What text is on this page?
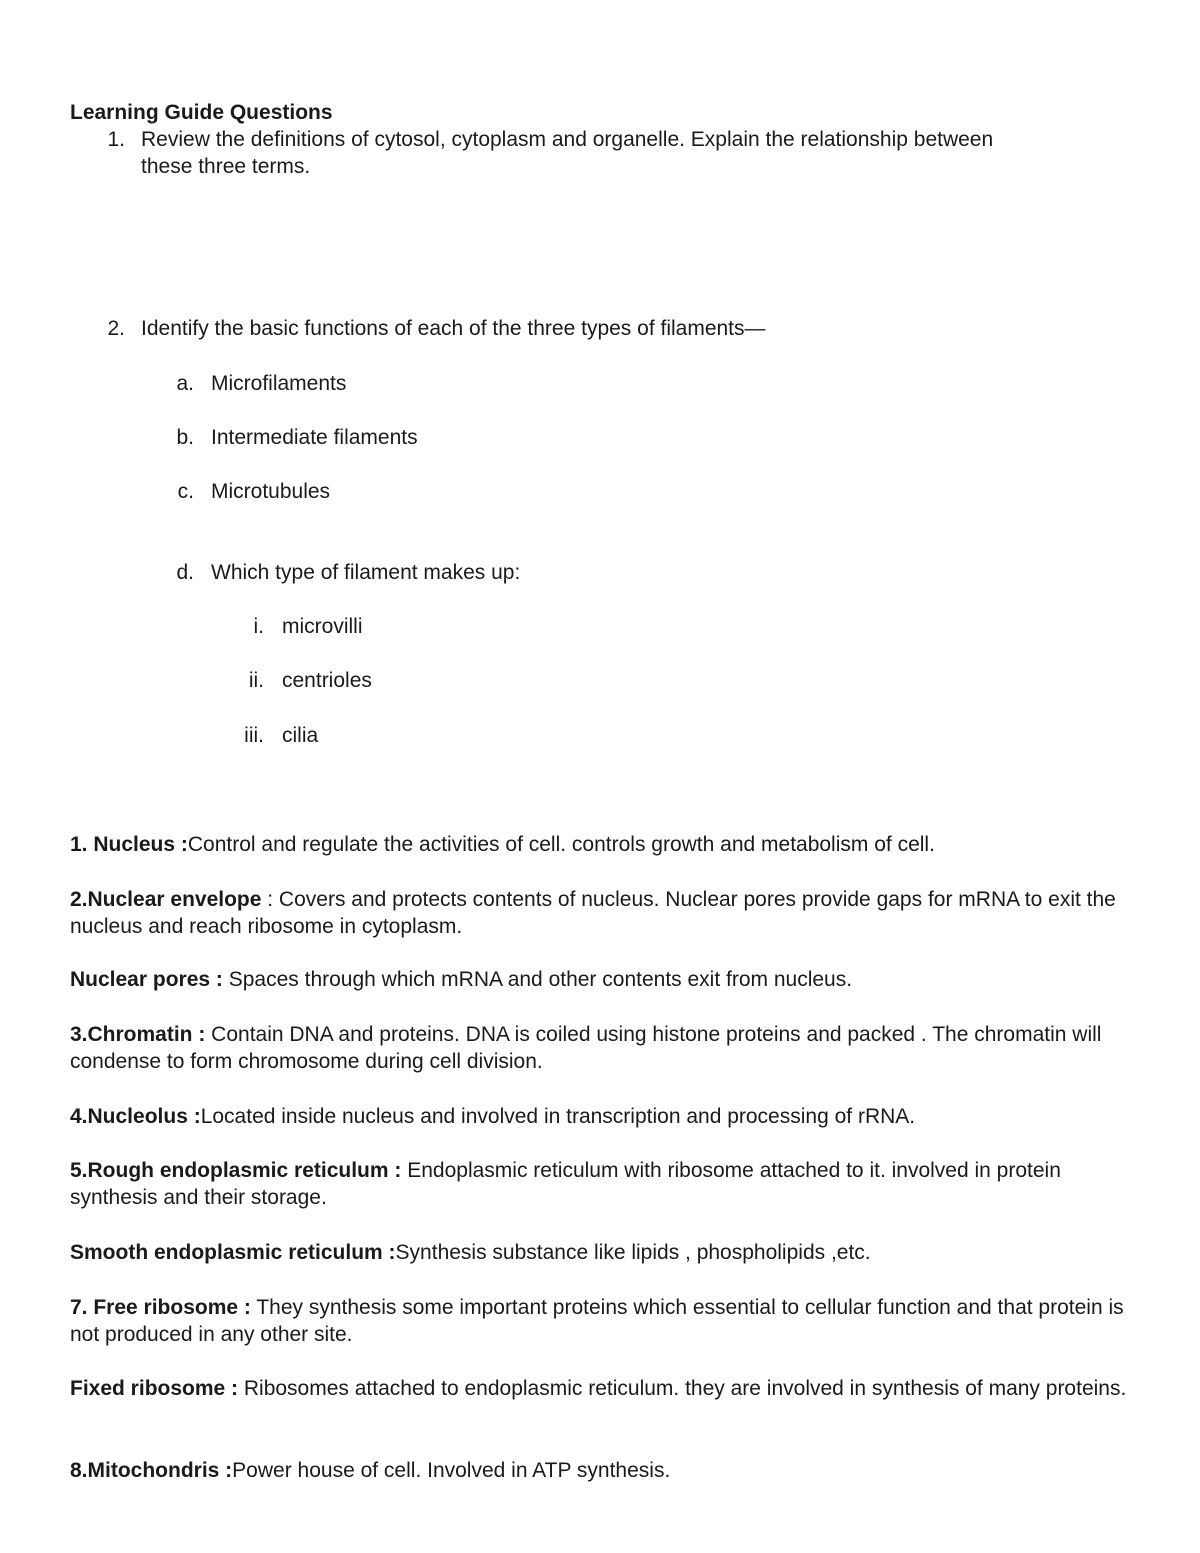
Learning Guide Questions
1. Review the definitions of cytosol, cytoplasm and organelle. Explain the relationship between
these three terms.
2. Identify the basic functions of each of the three types of filaments—
a. Microfilaments
b. Intermediate filaments
c. Microtubules
d. Which type of filament makes up:
i. microvilli
ii. centrioles
iii. cilia
1. Nucleus :Control and regulate the activities of cell. controls growth and metabolism of cell.
2.Nuclear envelope : Covers and protects contents of nucleus. Nuclear pores provide gaps for mRNA to exit the nucleus and reach ribosome in cytoplasm.
Nuclear pores : Spaces through which mRNA and other contents exit from nucleus.
3.Chromatin : Contain DNA and proteins. DNA is coiled using histone proteins and packed . The chromatin will condense to form chromosome during cell division.
4.Nucleolus :Located inside nucleus and involved in transcription and processing of rRNA.
5.Rough endoplasmic reticulum : Endoplasmic reticulum with ribosome attached to it. involved in protein synthesis and their storage.
Smooth endoplasmic reticulum :Synthesis substance like lipids , phospholipids ,etc.
7. Free ribosome : They synthesis some important proteins which essential to cellular function and that protein is not produced in any other site.
Fixed ribosome : Ribosomes attached to endoplasmic reticulum. they are involved in synthesis of many proteins.
8.Mitochondris :Power house of cell. Involved in ATP synthesis.
